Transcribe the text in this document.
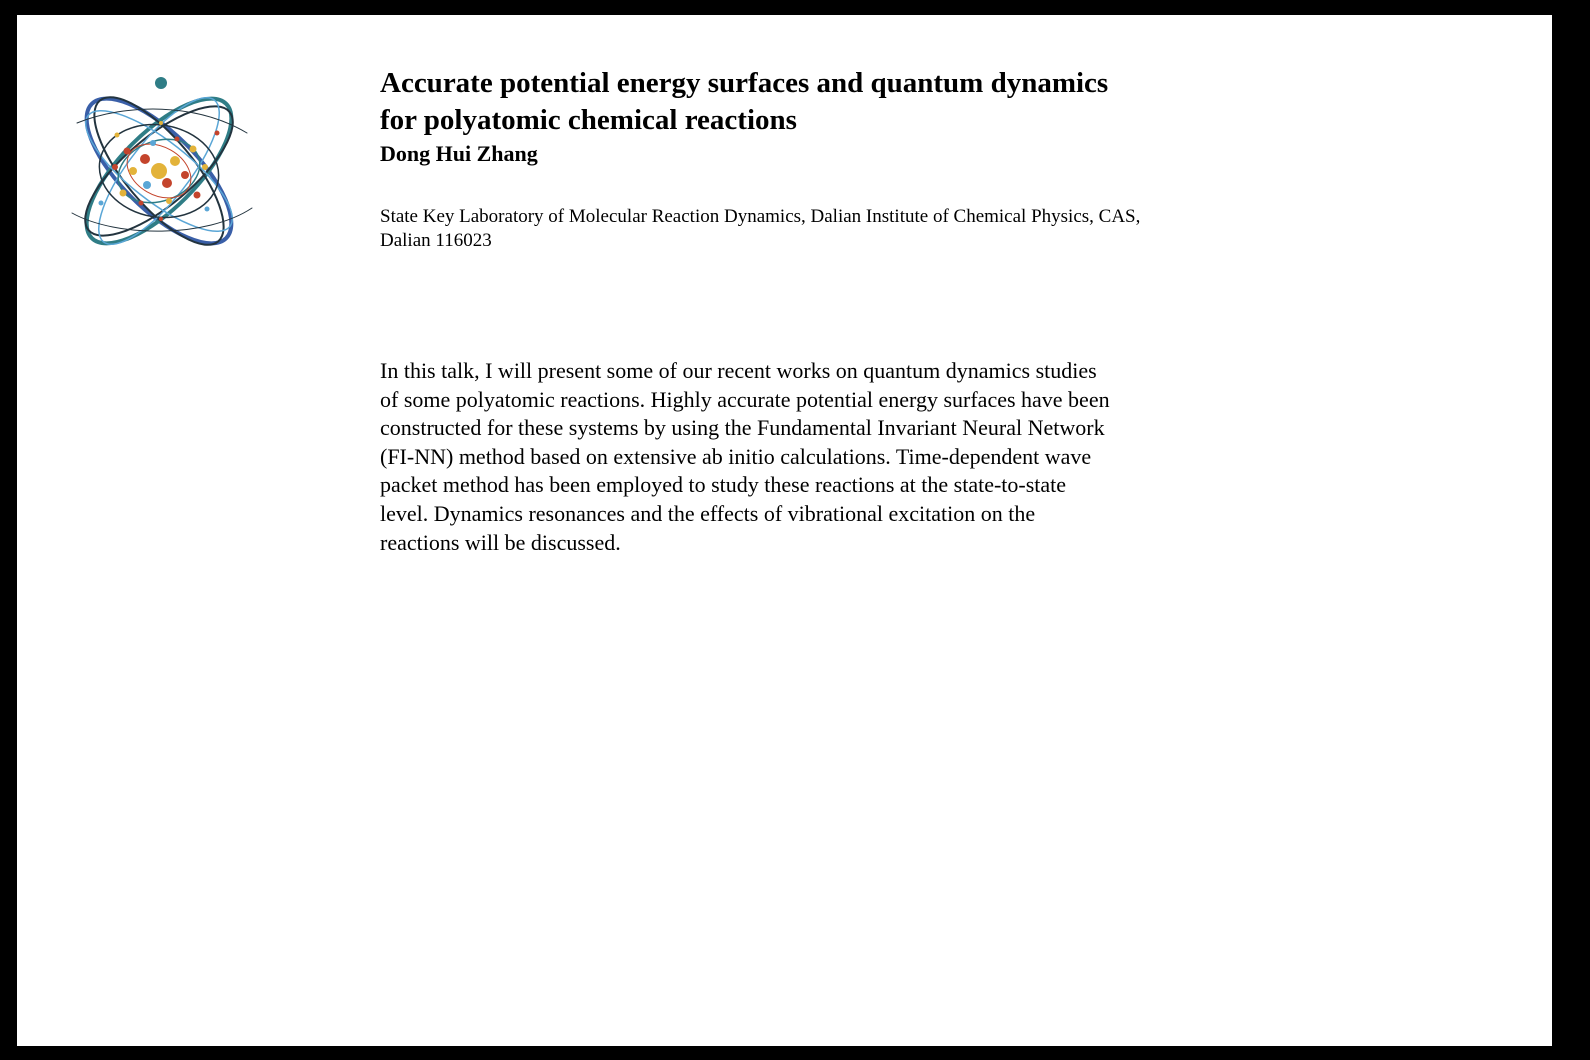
Accurate potential energy surfaces and quantum dynamics
for polyatomic chemical reactions
Dong Hui Zhang
State Key Laboratory of Molecular Reaction Dynamics, Dalian Institute of Chemical Physics, CAS,
Dalian 116023
In this talk, I will present some of our recent works on quantum dynamics studies
of some polyatomic reactions. Highly accurate potential energy surfaces have been
constructed for these systems by using the Fundamental Invariant Neural Network
(FI-NN) method based on extensive ab initio calculations. Time-dependent wave
packet method has been employed to study these reactions at the state-to-state
level. Dynamics resonances and the effects of vibrational excitation on the
reactions will be discussed.
